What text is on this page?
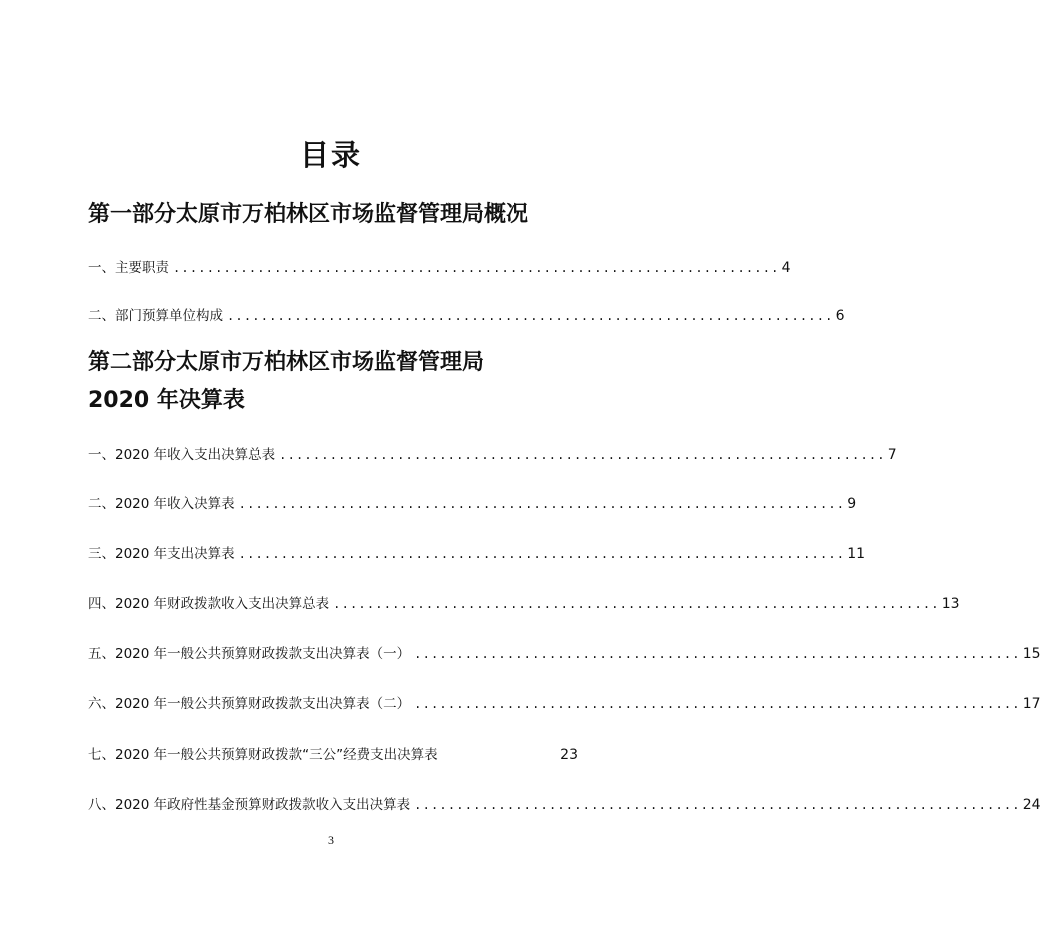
目录
第一部分太原市万柏林区市场监督管理局概况
一、主要职责 ........................................................................ 4
二、部门预算单位构成 ........................................................................ 6
第二部分太原市万柏林区市场监督管理局
2020 年决算表
一、2020 年收入支出决算总表 ........................................................................ 7
二、2020 年收入决算表 ........................................................................ 9
三、2020 年支出决算表 ........................................................................ 11
四、2020 年财政拨款收入支出决算总表 ........................................................................ 13
五、2020 年一般公共预算财政拨款支出决算表（一） ........................................................................ 15
六、2020 年一般公共预算财政拨款支出决算表（二） ........................................................................ 17
七、2020 年一般公共预算财政拨款“三公”经费支出决算表	23
八、2020 年政府性基金预算财政拨款收入支出决算表 ........................................................................ 24
3
